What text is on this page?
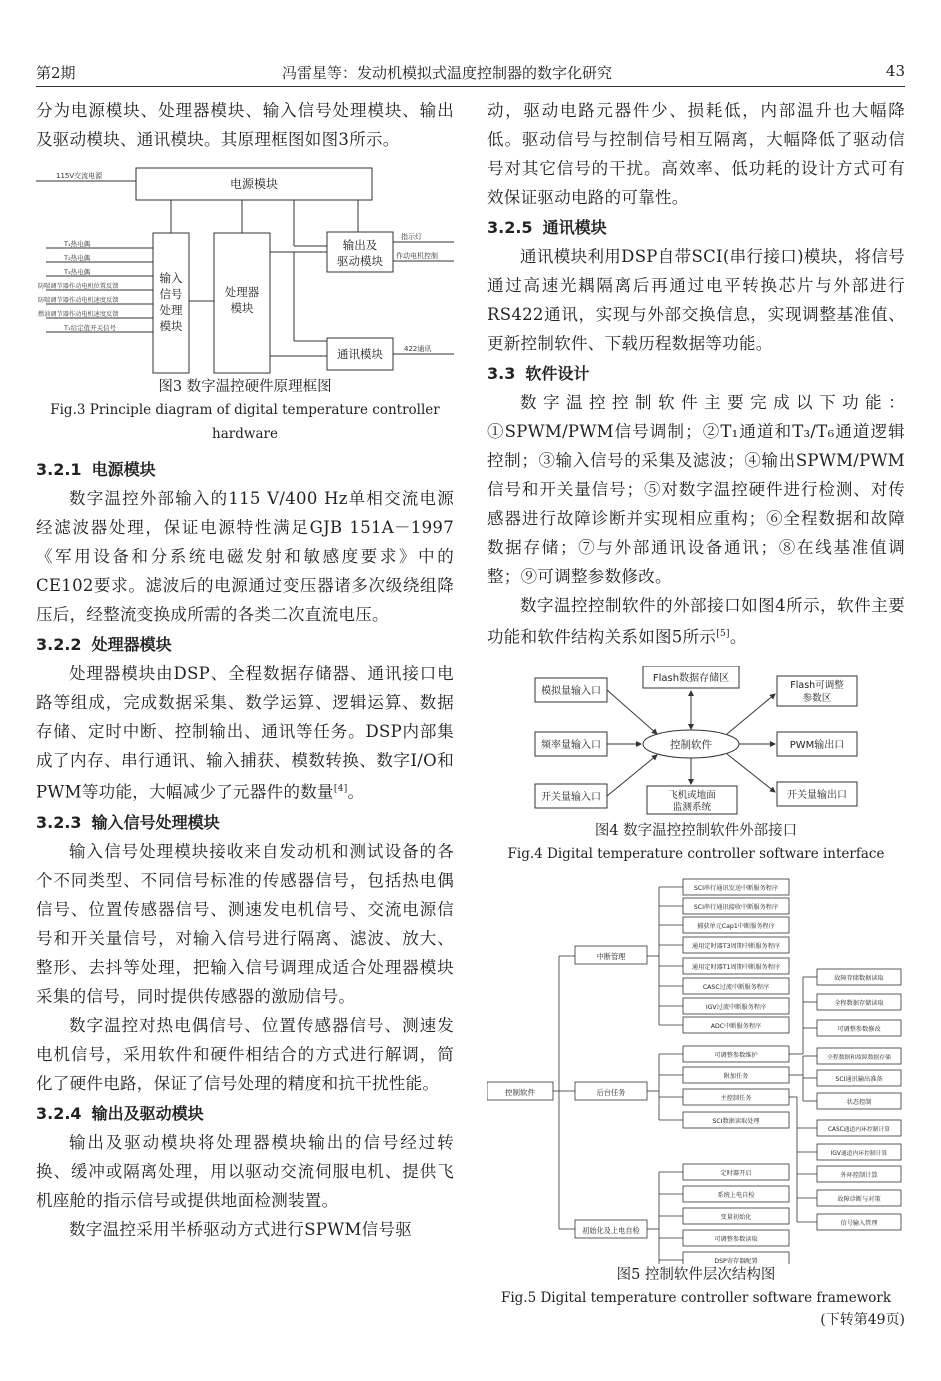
第2期	冯雷星等：发动机模拟式温度控制器的数字化研究	43

分为电源模块、处理器模块、输入信号处理模块、输出及驱动模块、通讯模块。其原理框图如图3所示。

115V交流电源
电源模块
T₁热电偶
T₂热电偶
T₃热电偶
防喘调节器作动电机位置反馈
防喘调节器作动电机速度反馈
燃油调节器作动电机速度反馈
T₁给定值开关信号
输入信号处理模块
处理器模块
输出及驱动模块
指示灯
作动电机控制
通讯模块	422通讯
图3 数字温控硬件原理框图
Fig.3 Principle diagram of digital temperature controller
hardware
3.2.1 电源模块

数字温控外部输入的115 V/400 Hz单相交流电源经滤波器处理，保证电源特性满足GJB 151A－1997《军用设备和分系统电磁发射和敏感度要求》中的CE102要求。滤波后的电源通过变压器诸多次级绕组降压后，经整流变换成所需的各类二次直流电压。

3.2.2 处理器模块

处理器模块由DSP、全程数据存储器、通讯接口电路等组成，完成数据采集、数学运算、逻辑运算、数据存储、定时中断、控制输出、通讯等任务。DSP内部集成了内存、串行通讯、输入捕获、模数转换、数字I/O和PWM等功能，大幅减少了元器件的数量[4]。

3.2.3 输入信号处理模块

输入信号处理模块接收来自发动机和测试设备的各个不同类型、不同信号标准的传感器信号，包括热电偶信号、位置传感器信号、测速发电机信号、交流电源信号和开关量信号，对输入信号进行隔离、滤波、放大、整形、去抖等处理，把输入信号调理成适合处理器模块采集的信号，同时提供传感器的激励信号。

数字温控对热电偶信号、位置传感器信号、测速发电机信号，采用软件和硬件相结合的方式进行解调，简化了硬件电路，保证了信号处理的精度和抗干扰性能。

3.2.4 输出及驱动模块

输出及驱动模块将处理器模块输出的信号经过转换、缓冲或隔离处理，用以驱动交流伺服电机、提供飞机座舱的指示信号或提供地面检测装置。

数字温控采用半桥驱动方式进行SPWM信号驱

动，驱动电路元器件少、损耗低，内部温升也大幅降低。驱动信号与控制信号相互隔离，大幅降低了驱动信号对其它信号的干扰。高效率、低功耗的设计方式可有效保证驱动电路的可靠性。

3.2.5 通讯模块

通讯模块利用DSP自带SCI(串行接口)模块，将信号通过高速光耦隔离后再通过电平转换芯片与外部进行RS422通讯，实现与外部交换信息，实现调整基准值、更新控制软件、下载历程数据等功能。

3.3 软件设计

数字温控控制软件主要完成以下功能：①SPWM/PWM信号调制；②T₁通道和T₃/T₆通道逻辑控制；③输入信号的采集及滤波；④输出SPWM/PWM信号和开关量信号；⑤对数字温控硬件进行检测、对传感器进行故障诊断并实现相应重构；⑥全程数据和故障数据存储；⑦与外部通讯设备通讯；⑧在线基准值调整；⑨可调整参数修改。

数字温控控制软件的外部接口如图4所示，软件主要功能和软件结构关系如图5所示[5]。

Flash数据存储区
模拟量输入口
Flash可调整
参数区
频率量输入口	控制软件	PWM输出口
开关量输入口	飞机或地面
监测系统
开关量输出口
图4 数字温控控制软件外部接口
Fig.4 Digital temperature controller software interface
控制软件
中断管理
后台任务
初始化及上电自检
SCI串行通讯发送中断服务程序
SCI串行通讯接收中断服务程序
捕获单元Cap1中断服务程序
通用定时器T3周期中断服务程序
通用定时器T1周期中断服务程序
CASC过流中断服务程序
IGV过流中断服务程序
ADC中断服务程序
可调整参数维护
附加任务
主控制任务
SCI数据读取处理
定时器开启
系统上电自检
变量初始化
可调整参数读取
DSP寄存器配置
故障存储数据读取
全程数据存储读取
可调整参数修改
全程数据和故障数据存储
SCI通讯输出准备
状态控制
CASC通道内环控制计算
IGV通道内环控制计算
外环控制计算
故障诊断与对策
信号输入管理
图5 控制软件层次结构图
Fig.5 Digital temperature controller software framework
(下转第49页)
